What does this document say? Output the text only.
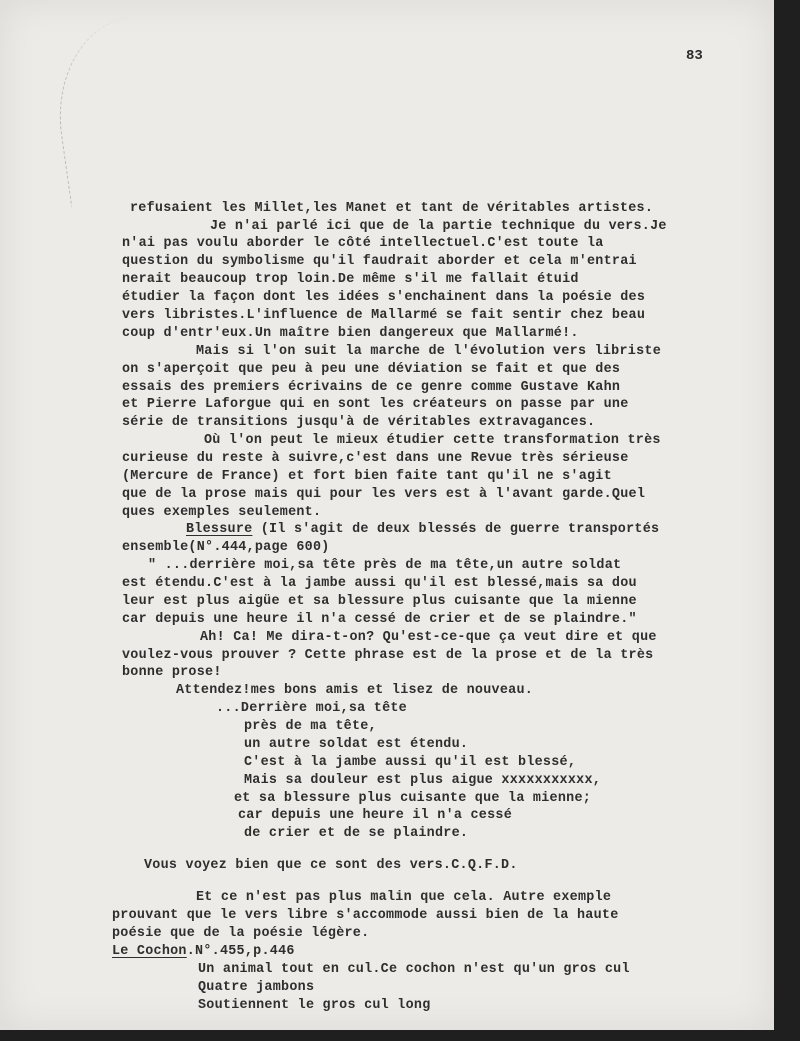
83
refusaient les Millet,les Manet et tant de véritables artistes.
Je n'ai parlé ici que de la partie technique du vers.Je
n'ai pas voulu aborder le côté intellectuel.C'est toute la
question du symbolisme qu'il faudrait aborder et cela m'entrai
nerait beaucoup trop loin.De même s'il me fallait étuid
étudier la façon dont les idées s'enchainent dans la poésie des
vers libristes.L'influence de Mallarmé se fait sentir chez beau
coup d'entr'eux.Un maître bien dangereux que Mallarmé!.
Mais si l'on suit la marche de l'évolution vers libriste
on s'aperçoit que peu à peu une déviation se fait et que des
essais des premiers écrivains de ce genre comme Gustave Kahn
et Pierre Laforgue qui en sont les créateurs on passe par une
série de transitions jusqu'à de véritables extravagances.
Où l'on peut le mieux étudier cette transformation très
curieuse du reste à suivre,c'est dans une Revue très sérieuse
(Mercure de France) et fort bien faite tant qu'il ne s'agit
que de la prose mais qui pour les vers est à l'avant garde.Quel
ques exemples seulement.
Blessure (Il s'agit de deux blessés de guerre transportés
ensemble(N°.444,page 600)
" ...derrière moi,sa tête près de ma tête,un autre soldat
est étendu.C'est à la jambe aussi qu'il est blessé,mais sa dou
leur est plus aigüe et sa blessure plus cuisante que la mienne
car depuis une heure il n'a cessé de crier et de se plaindre."
Ah! Ca! Me dira-t-on? Qu'est-ce-que ça veut dire et que
voulez-vous prouver ? Cette phrase est de la prose et de la très
bonne prose!
Attendez!mes bons amis et lisez de nouveau.
...Derrière moi,sa tête
près de ma tête,
un autre soldat est étendu.
C'est à la jambe aussi qu'il est blessé,
Mais sa douleur est plus aigue xxxxxxxxxxx,
et sa blessure plus cuisante que la mienne;
car depuis une heure il n'a cessé
de crier et de se plaindre.
Vous voyez bien que ce sont des vers.C.Q.F.D.
Et ce n'est pas plus malin que cela. Autre exemple
prouvant que le vers libre s'accommode aussi bien de la haute
poésie que de la poésie légère.
Le Cochon.N°.455,p.446
Un animal tout en cul.Ce cochon n'est qu'un gros cul
Quatre jambons
Soutiennent le gros cul long
